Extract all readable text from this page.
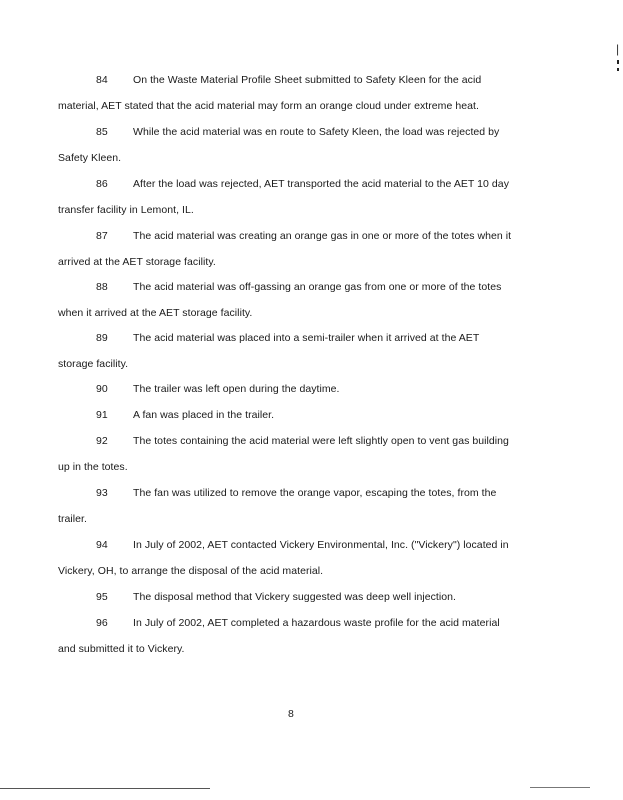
84 On the Waste Material Profile Sheet submitted to Safety Kleen for the acid
material, AET stated that the acid material may form an orange cloud under extreme heat.
85 While the acid material was en route to Safety Kleen, the load was rejected by
Safety Kleen.
86 After the load was rejected, AET transported the acid material to the AET 10 day
transfer facility in Lemont, IL.
87 The acid material was creating an orange gas in one or more of the totes when it
arrived at the AET storage facility.
88 The acid material was off-gassing an orange gas from one or more of the totes
when it arrived at the AET storage facility.
89 The acid material was placed into a semi-trailer when it arrived at the AET
storage facility.
90 The trailer was left open during the daytime.
91 A fan was placed in the trailer.
92 The totes containing the acid material were left slightly open to vent gas building
up in the totes.
93 The fan was utilized to remove the orange vapor, escaping the totes, from the
trailer.
94 In July of 2002, AET contacted Vickery Environmental, Inc. ("Vickery") located in
Vickery, OH, to arrange the disposal of the acid material.
95 The disposal method that Vickery suggested was deep well injection.
96 In July of 2002, AET completed a hazardous waste profile for the acid material
and submitted it to Vickery.
8
|
